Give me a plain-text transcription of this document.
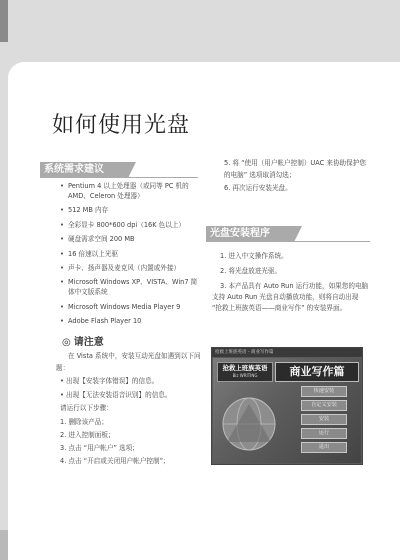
如何使用光盘
系统需求建议
• Pentium 4 以上处理器（或同等 PC 机的 AMD、Celeron 处理器）
• 512 MB 内存
• 全彩显卡 800*600 dpi（16K 色以上）
• 硬盘需求空间 200 MB
• 16 倍速以上光驱
• 声卡、扬声器及麦克风（内置或外接）
• Microsoft Windows XP、VISTA、Win7 简体中文版系统
• Microsoft Windows Media Player 9
• Adobe Flash Player 10
◎ 请注意
在 Vista 系统中，安装互动光盘如遇到以下问题：
• 出现【安装字体错误】的信息。
• 出现【无法安装语音识别】的信息。
请运行以下步骤：
1. 删除该产品；
2. 进入控制面板；
3. 点击 “用户帐户” 选项；
4. 点击 “开启或关闭用户帐户控制”；
5. 将 “使用（用户帐户控制）UAC 来协助保护您的电脑” 选项取消勾选；
6. 再次运行安装光盘。
光盘安装程序

1. 进入中文操作系统。

2. 将光盘放进光驱。

3. 本产品具有 Auto Run 运行功能，如果您的电脑支持 Auto Run 光盘自动播放功能，则将自动出现 “抢救上班族英语——商业写作” 的安装界面。

抢救上班族英语 - 商业写作篇
抢救上班族英语
Biz WRITING	商业写作篇
快速安装
自定义安装
安装
运行
退出
